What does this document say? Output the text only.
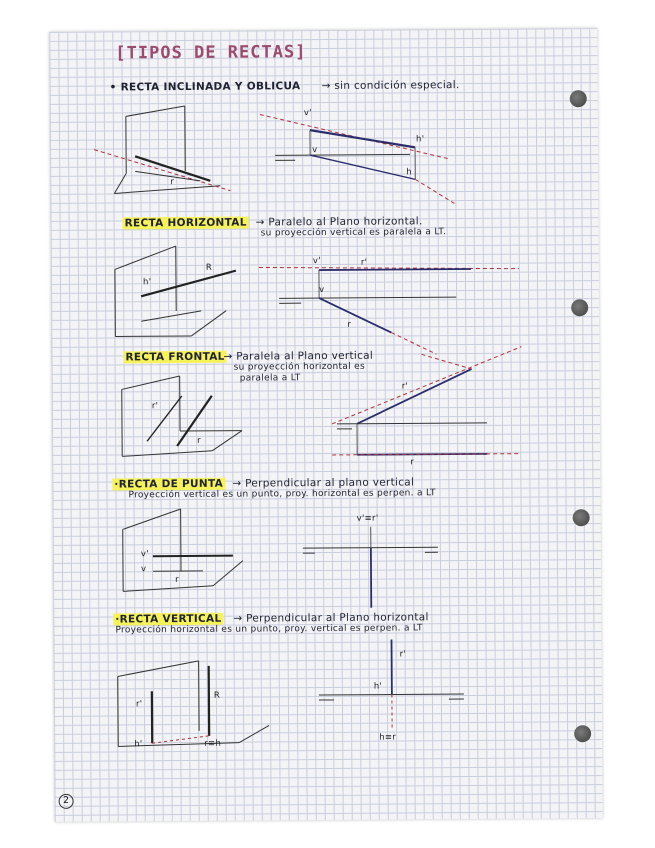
[TIPOS DE RECTAS]
• RECTA INCLINADA Y OBLICUA → sin condición especial.
v'
v
h'
h
r
RECTA HORIZONTAL → Paralelo al Plano horizontal.
su proyección vertical es paralela a LT.
v'
v
r'
r
R
h'
RECTA FRONTAL
→ Paralela al Plano vertical
su proyección horizontal es
paralela a LT
r'
r
r'
r
·RECTA DE PUNTA → Perpendicular al plano vertical
Proyección vertical es un punto, proy. horizontal es perpen. a LT
v'≡r'
v'
v
r
·RECTA VERTICAL → Perpendicular al Plano horizontal
Proyección horizontal es un punto, proy. vertical es perpen. a LT
r'
R
h'	r≡h
r'
h'
h≡r
2
